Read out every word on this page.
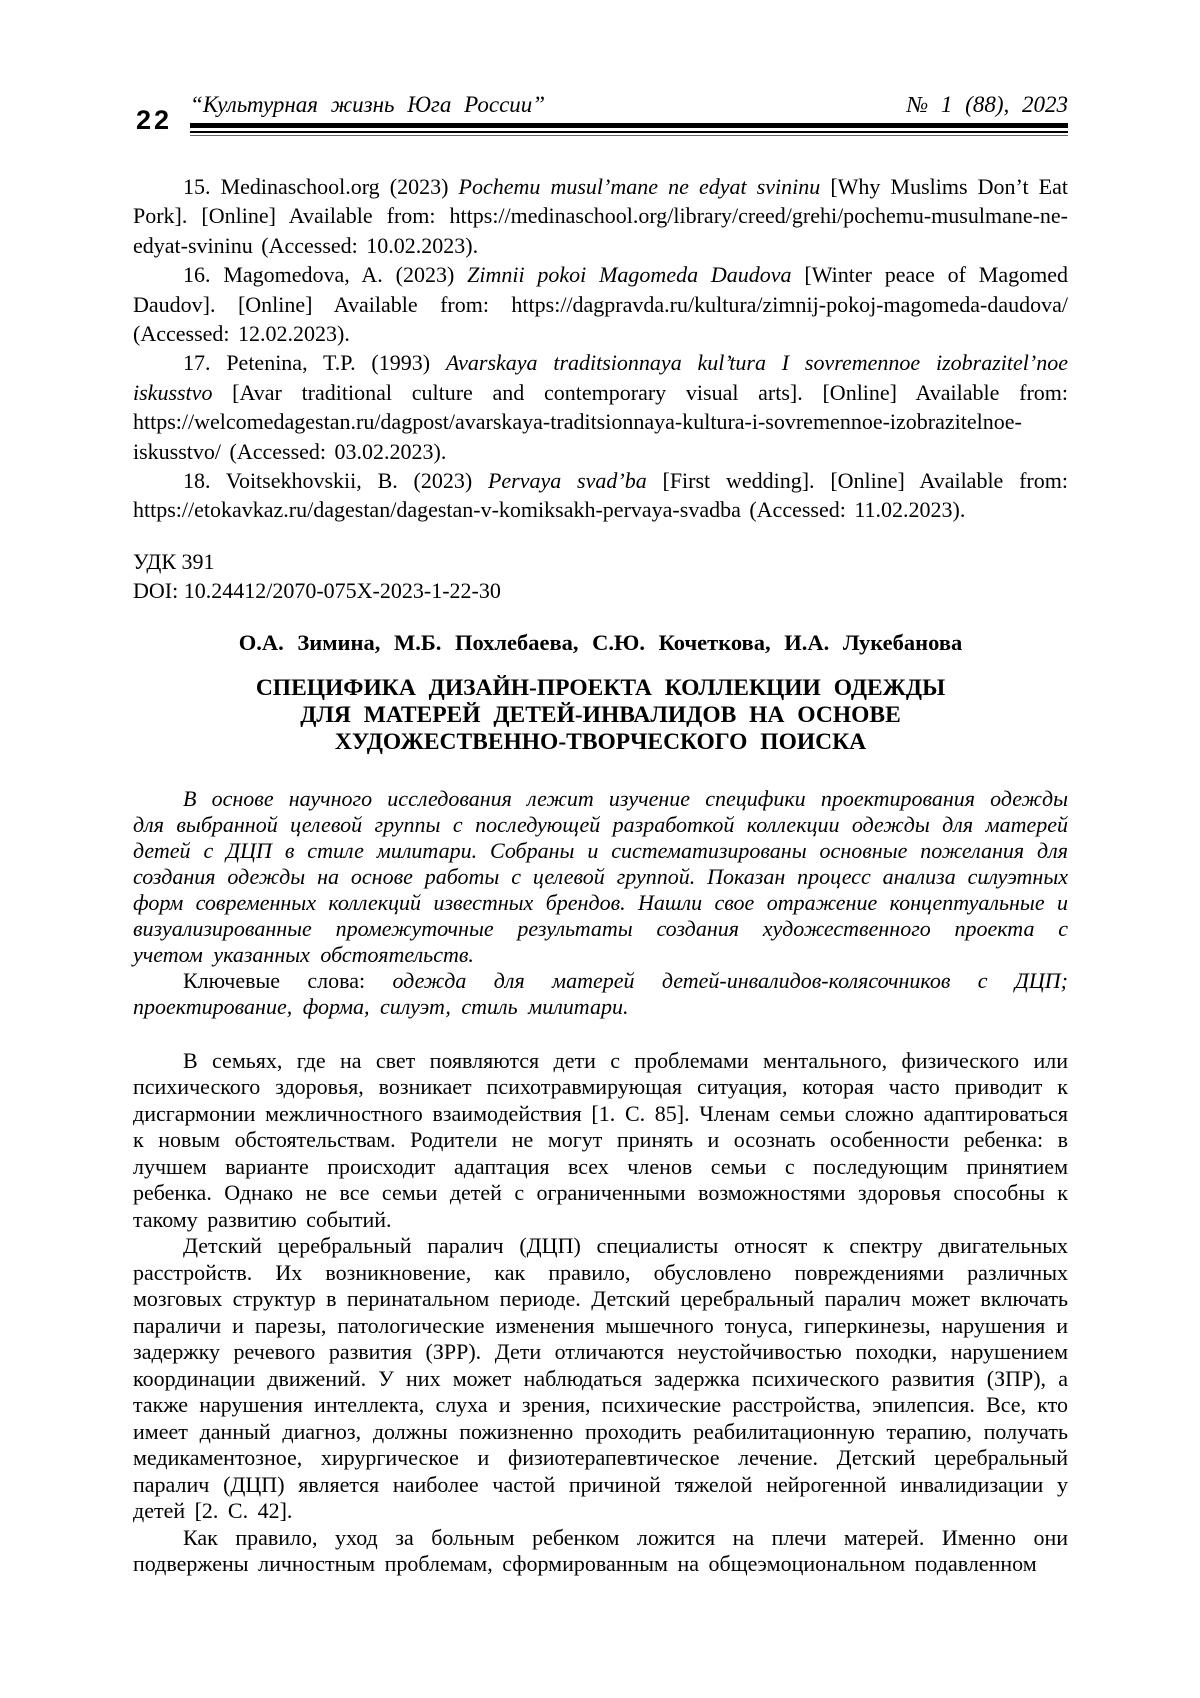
22
“Культурная жизнь Юга России”	№ 1 (88), 2023

15. Medinaschool.org (2023) Pochemu musul’mane ne edyat svininu [Why Muslims Don’t Eat Pork]. [Online] Available from: https://medinaschool.org/library/creed/grehi/pochemu-musulmane-ne-edyat-svininu (Accessed: 10.02.2023).

16. Magomedova, A. (2023) Zimnii pokoi Magomeda Daudova [Winter peace of Magomed Daudov]. [Online] Available from: https://dagpravda.ru/kultura/zimnij-pokoj-magomeda-daudova/ (Accessed: 12.02.2023).

17. Petenina, T.P. (1993) Avarskaya traditsionnaya kul’tura I sovremennoe izobrazitel’noe iskusstvo [Avar traditional culture and contemporary visual arts]. [Online] Available from: https://welcomedagestan.ru/dagpost/avarskaya-traditsionnaya-kultura-i-sovremennoe-izobrazitelnoe-iskusstvo/ (Accessed: 03.02.2023).

18. Voitsekhovskii, B. (2023) Pervaya svad’ba [First wedding]. [Online] Available from: https://etokavkaz.ru/dagestan/dagestan-v-komiksakh-pervaya-svadba (Accessed: 11.02.2023).

УДК 391

DOI: 10.24412/2070-075X-2023-1-22-30

О.А. Зимина, М.Б. Похлебаева, С.Ю. Кочеткова, И.А. Лукебанова

СПЕЦИФИКА ДИЗАЙН-ПРОЕКТА КОЛЛЕКЦИИ ОДЕЖДЫ
ДЛЯ МАТЕРЕЙ ДЕТЕЙ-ИНВАЛИДОВ НА ОСНОВЕ
ХУДОЖЕСТВЕННО-ТВОРЧЕСКОГО ПОИСКА

В основе научного исследования лежит изучение специфики проектирования одежды для выбранной целевой группы с последующей разработкой коллекции одежды для матерей детей с ДЦП в стиле милитари. Собраны и систематизированы основные пожелания для создания одежды на основе работы с целевой группой. Показан процесс анализа силуэтных форм современных коллекций известных брендов. Нашли свое отражение концептуальные и визуализированные промежуточные результаты создания художественного проекта с учетом указанных обстоятельств.

Ключевые слова: одежда для матерей детей-инвалидов-колясочников с ДЦП; проектирование, форма, силуэт, стиль милитари.

В семьях, где на свет появляются дети с проблемами ментального, физического или психического здоровья, возникает психотравмирующая ситуация, которая часто приводит к дисгармонии межличностного взаимодействия [1. С. 85]. Членам семьи сложно адаптироваться к новым обстоятельствам. Родители не могут принять и осознать особенности ребенка: в лучшем варианте происходит адаптация всех членов семьи с последующим принятием ребенка. Однако не все семьи детей с ограниченными возможностями здоровья способны к такому развитию событий.

Детский церебральный паралич (ДЦП) специалисты относят к спектру двигательных расстройств. Их возникновение, как правило, обусловлено повреждениями различных мозговых структур в перинатальном периоде. Детский церебральный паралич может включать параличи и парезы, патологические изменения мышечного тонуса, гиперкинезы, нарушения и задержку речевого развития (ЗРР). Дети отличаются неустойчивостью походки, нарушением координации движений. У них может наблюдаться задержка психического развития (ЗПР), а также нарушения интеллекта, слуха и зрения, психические расстройства, эпилепсия. Все, кто имеет данный диагноз, должны пожизненно проходить реабилитационную терапию, получать медикаментозное, хирургическое и физиотерапевтическое лечение. Детский церебральный паралич (ДЦП) является наиболее частой причиной тяжелой нейрогенной инвалидизации у детей [2. С. 42].

Как правило, уход за больным ребенком ложится на плечи матерей. Именно они подвержены личностным проблемам, сформированным на общеэмоциональном подавленном
